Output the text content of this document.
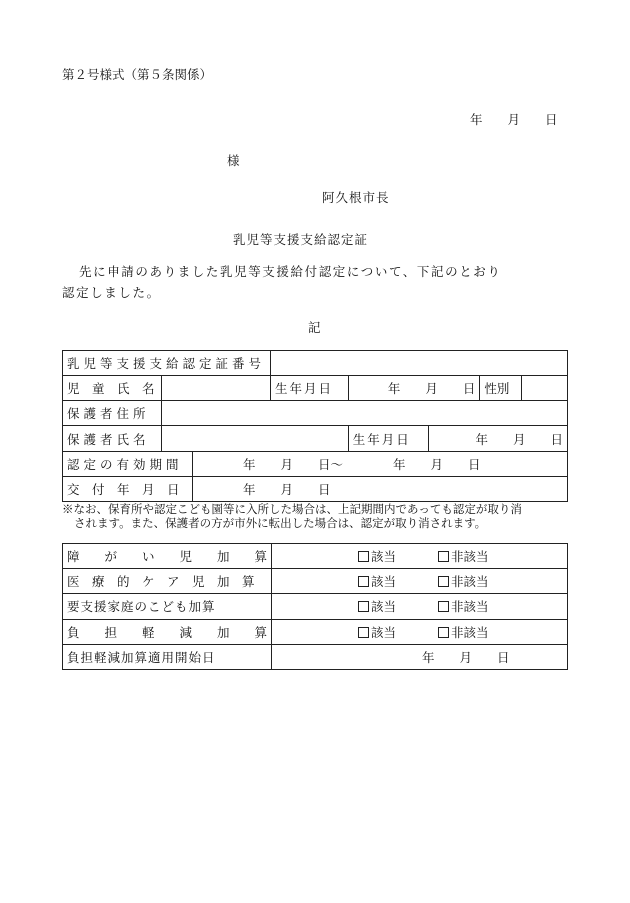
第２号様式（第５条関係）
年　　月　　日
様
阿久根市長
乳児等支援支給認定証
先に申請のありました乳児等支援給付認定について、下記のとおり
認定しました。
記
乳児等支援支給認定証番号							
児　童　氏　名			生年月日	年　　月　　日		性別	
保護者住所							
保護者氏名				生年月日	年　　月　　日		
認定の有効期間		年　　月　　日～　　　　年　　月　　日					
交　付　年　月　日		年　　月　　日					
※なお、保育所や認定こども園等に入所した場合は、上記期間内であっても認定が取り消
されます。また、保護者の方が市外に転出した場合は、認定が取り消されます。
障　　が　　い　　児　　加　　算	該当 非該当
医　療　的　ケ　ア　児　加　算	該当 非該当
要支援家庭のこども加算	該当 非該当
負　　担　　軽　　減　　加　　算	該当 非該当
負担軽減加算適用開始日	年　　月　　日
